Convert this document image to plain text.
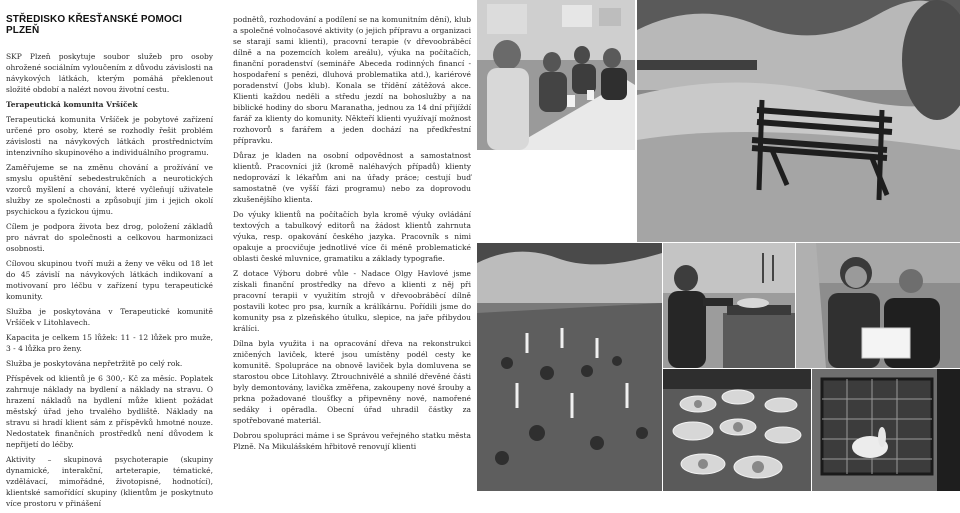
STŘEDISKO KŘESŤANSKÉ POMOCI PLZEŇ

SKP Plzeň poskytuje soubor služeb pro osoby ohrožené sociálním vyloučením z důvodu závislosti na návykových látkách, kterým pomáhá překlenout složité období a nalézt novou životní cestu.

Terapeutická komunita Vršíček

Terapeutická komunita Vršíček je pobytové zařízení určené pro osoby, které se rozhodly řešit problém závislosti na návykových látkách prostřednictvím intenzivního skupinového a individuálního programu.

Zaměřujeme se na změnu chování a prožívání ve smyslu opuštění sebedestrukčních a neurotických vzorců myšlení a chování, které vyčleňují uživatele služby ze společnosti a způsobují jim i jejich okolí psychickou a fyzickou újmu.

Cílem je podpora života bez drog, položení základů pro návrat do společnosti a celkovou harmonizaci osobnosti.

Cílovou skupinou tvoří muži a ženy ve věku od 18 let do 45 závislí na návykových látkách indikovaní a motivovaní pro léčbu v zařízení typu terapeutické komunity.

Služba je poskytována v Terapeutické komunitě Vršíček v Litohlavech.

Kapacita je celkem 15 lůžek: 11 - 12 lůžek pro muže, 3 - 4 lůžka pro ženy.

Služba je poskytována nepřetržitě po celý rok.

Příspěvek od klientů je 6 300,- Kč za měsíc. Poplatek zahrnuje náklady na bydlení a náklady na stravu. O hrazení nákladů na bydlení může klient požádat městský úřad jeho trvalého bydliště. Náklady na stravu si hradí klient sám z příspěvků hmotné nouze. Nedostatek finančních prostředků není důvodem k nepřijetí do léčby.

Aktivity – skupinová psychoterapie (skupiny dynamické, interakční, arteterapie, tématické, vzdělávací, mimořádné, životopisné, hodnotící), klientské samořídící skupiny (klientům je poskytnuto více prostoru v přinášení

podnětů, rozhodování a podílení se na komunitním dění), klub a společné volnočasové aktivity (o jejich přípravu a organizaci se starají sami klienti), pracovní terapie (v dřevoobráběcí dílně a na pozemcích kolem areálu), výuka na počítačích, finanční poradenství (semináře Abeceda rodinných financí - hospodaření s penězi, dluhová problematika atd.), kariérové poradenství (Jobs klub). Konala se třídění zátěžová akce. Klienti každou neděli a středu jezdí na bohoslužby a na biblické hodiny do sboru Maranatha, jednou za 14 dní přijíždí farář za klienty do komunity. Někteří klienti využívají možnost rozhovorů s farářem a jeden dochází na předkřestní přípravku.

Důraz je kladen na osobní odpovědnost a samostatnost klientů. Pracovníci již (kromě naléhavých případů) klienty nedoprovází k lékařům ani na úřady práce; cestují buď samostatně (ve vyšší fázi programu) nebo za doprovodu zkušenějšího klienta.

Do výuky klientů na počítačích byla kromě výuky ovládání textových a tabulkový editorů na žádost klientů zahrnuta výuka, resp. opakování českého jazyka. Pracovník s nimi opakuje a procvičuje jednotlivé více či méně problematické oblasti české mluvnice, gramatiku a základy typografie.

Z dotace Výboru dobré vůle - Nadace Olgy Havlové jsme získali finanční prostředky na dřevo a klienti z něj při pracovní terapii v využitím strojů v dřevoobráběcí dílně postavili kotec pro psa, kurník a králíkárnu. Pořídili jsme do komunity psa z plzeňského útulku, slepice, na jaře přibydou králíci.

Dílna byla využita i na opracování dřeva na rekonstrukci zničených laviček, které jsou umístěny podél cesty ke komunitě. Spolupráce na obnově laviček byla domluvena se starostou obce Litohlavy. Ztrouchnivělé a shnilé dřevěné části byly demontovány, lavička změřena, zakoupeny nové šrouby a prkna požadované tloušťky a připevněny nové, namořené sedáky i opěradla. Obecní úřad uhradil částky za spotřebované materiál.

Dobrou spolupráci máme i se Správou veřejného statku města Plzně. Na Mikulášském hřbitově renovují klienti
